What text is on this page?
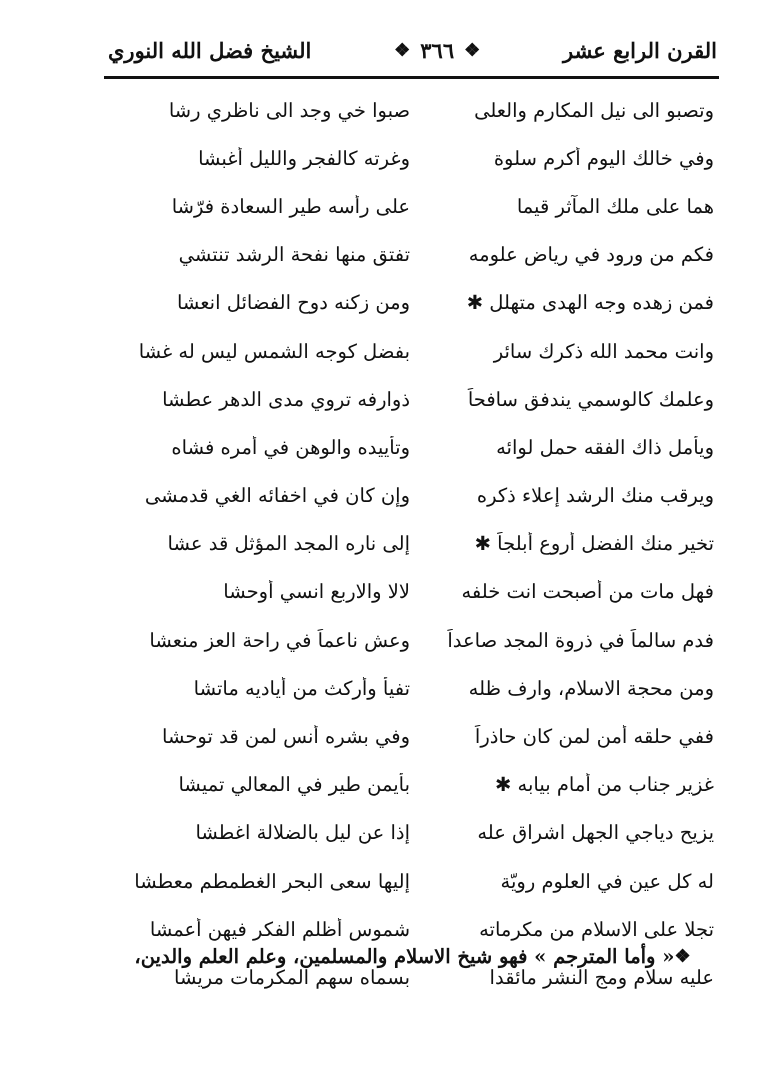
القرن الرابع عشر
❖ ٣٦٦ ❖
الشيخ فضل الله النوري
وتصبو الى نيل المكارم والعلى
صبوا خي وجد الى ناظري رشا
وفي خالك اليوم أكرم سلوة
وغرته كالفجر والليل أغبشا
هما على ملك المآثر قيما
على رأسه طير السعادة فرّشا
فكم من ورود في رياض علومه
تفتق منها نفحة الرشد تنتشي
فمن زهده وجه الهدى متهلل ✱
ومن زكنه دوح الفضائل انعشا
وانت محمد الله ذكرك سائر
بفضل كوجه الشمس ليس له غشا
وعلمك كالوسمي يندفق سافحاً
ذوارفه تروي مدى الدهر عطشا
ويأمل ذاك الفقه حمل لوائه
وتأييده والوهن في أمره فشاه
ويرقب منك الرشد إعلاء ذكره
وإن كان في اخفائه الغي قدمشى
تخير منك الفضل أروع أبلجاً ✱
إلى ناره المجد المؤثل قد عشا
فهل مات من أصبحت انت خلفه
لالا والاربع انسي أوحشا
فدم سالماً في ذروة المجد صاعداً
وعش ناعماً في راحة العز منعشا
ومن محجة الاسلام، وارف ظله
تفيأ وأركث من أياديه ماتشا
ففي حلقه أمن لمن كان حاذراً
وفي بشره أنس لمن قد توحشا
غزير جناب من أمام بيابه ✱
بأيمن طير في المعالي تميشا
يزيح دياجي الجهل اشراق عله
إذا عن ليل بالضلالة اغطشا
له كل عين في العلوم رويّة
إليها سعى البحر الغطمطم معطشا
تجلا على الاسلام من مكرماته
شموس أظلم الفكر فيهن أعمشا
عليه سلام ومج النشر مائقدا
بسماه سهم المكرمات مريشا
❖
« وأما المترجم » فهو شيخ الاسلام والمسلمين، وعلم العلم والدين،
